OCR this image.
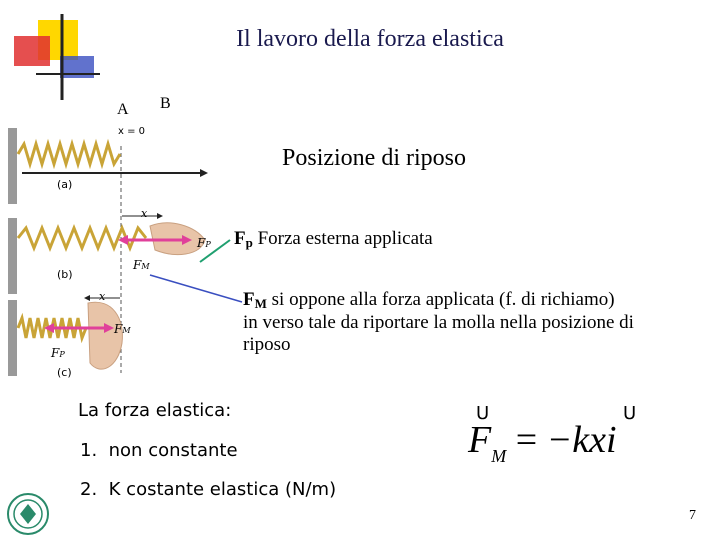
Il lavoro della forza elastica
A B
x = 0
(a)
x
FP
FM
(b)
x
FM
FP
(c)
Posizione di riposo
Fp Forza esterna applicata
FM si oppone alla forza applicata (f. di richiamo)
in verso tale da riportare la molla nella posizione di
riposo
La forza elastica:
1. non constante
2. K costante elastica (N/m)
ᑌ	ᑌ
$F_M = -kxi$
7
